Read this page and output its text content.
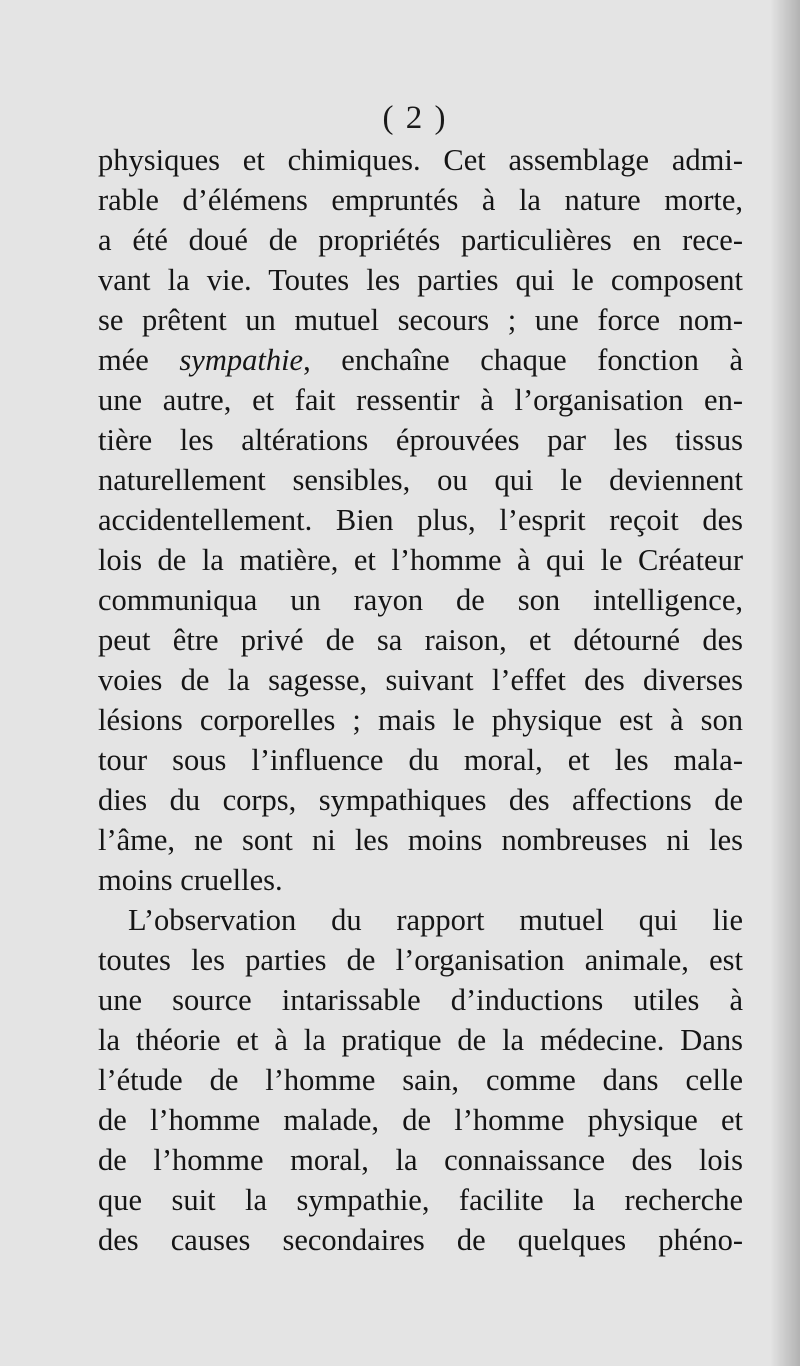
( 2 )
physiques et chimiques. Cet assemblage admi-
rable d’élémens empruntés à la nature morte,
a été doué de propriétés particulières en rece-
vant la vie. Toutes les parties qui le composent
se prêtent un mutuel secours ; une force nom-
mée sympathie, enchaîne chaque fonction à
une autre, et fait ressentir à l’organisation en-
tière les altérations éprouvées par les tissus
naturellement sensibles, ou qui le deviennent
accidentellement. Bien plus, l’esprit reçoit des
lois de la matière, et l’homme à qui le Créateur
communiqua un rayon de son intelligence,
peut être privé de sa raison, et détourné des
voies de la sagesse, suivant l’effet des diverses
lésions corporelles ; mais le physique est à son
tour sous l’influence du moral, et les mala-
dies du corps, sympathiques des affections de
l’âme, ne sont ni les moins nombreuses ni les
moins cruelles.
L’observation du rapport mutuel qui lie
toutes les parties de l’organisation animale, est
une source intarissable d’inductions utiles à
la théorie et à la pratique de la médecine. Dans
l’étude de l’homme sain, comme dans celle
de l’homme malade, de l’homme physique et
de l’homme moral, la connaissance des lois
que suit la sympathie, facilite la recherche
des causes secondaires de quelques phéno-
